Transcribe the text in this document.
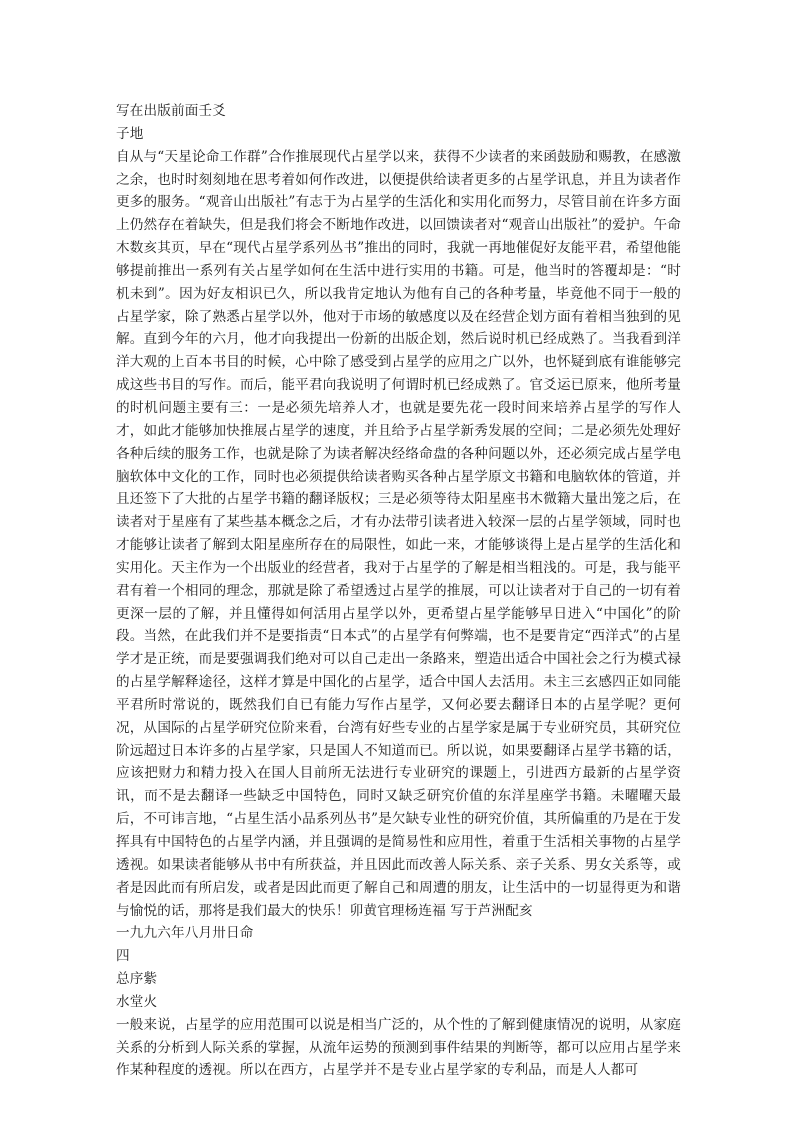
写在出版前面壬爻
子地
自从与“天星论命工作群”合作推展现代占星学以来，获得不少读者的来函鼓励和赐教，在感激之余，也时时刻刻地在思考着如何作改进，以便提供给读者更多的占星学讯息，并且为读者作更多的服务。“观音山出版社”有志于为占星学的生活化和实用化而努力，尽管目前在许多方面上仍然存在着缺失，但是我们将会不断地作改进，以回馈读者对“观音山出版社”的爱护。午命木数亥其页，早在“现代占星学系列丛书”推出的同时，我就一再地催促好友能平君，希望他能够提前推出一系列有关占星学如何在生活中进行实用的书籍。可是，他当时的答覆却是：“时机未到”。因为好友相识已久，所以我肯定地认为他有自己的各种考量，毕竟他不同于一般的占星学家，除了熟悉占星学以外，他对于市场的敏感度以及在经营企划方面有着相当独到的见解。直到今年的六月，他才向我提出一份新的出版企划，然后说时机已经成熟了。当我看到洋洋大观的上百本书目的时候，心中除了感受到占星学的应用之广以外，也怀疑到底有谁能够完成这些书目的写作。而后，能平君向我说明了何谓时机已经成熟了。官爻运已原来，他所考量的时机问题主要有三：一是必须先培养人才，也就是要先花一段时间来培养占星学的写作人才，如此才能够加快推展占星学的速度，并且给予占星学新秀发展的空间；二是必须先处理好各种后续的服务工作，也就是除了为读者解决经络命盘的各种问题以外，还必须完成占星学电脑软体中文化的工作，同时也必须提供给读者购买各种占星学原文书籍和电脑软体的管道，并且还签下了大批的占星学书籍的翻译版权；三是必须等待太阳星座书木微籍大量出笼之后，在读者对于星座有了某些基本概念之后，才有办法带引读者进入较深一层的占星学领域，同时也才能够让读者了解到太阳星座所存在的局限性，如此一来，才能够谈得上是占星学的生活化和实用化。天主作为一个出版业的经营者，我对于占星学的了解是相当粗浅的。可是，我与能平君有着一个相同的理念，那就是除了希望透过占星学的推展，可以让读者对于自己的一切有着更深一层的了解，并且懂得如何活用占星学以外，更希望占星学能够早日进入“中国化”的阶段。当然，在此我们并不是要指责“日本式”的占星学有何弊端，也不是要肯定“西洋式”的占星学才是正统，而是要强调我们绝对可以自己走出一条路来，塑造出适合中国社会之行为模式禄的占星学解释途径，这样才算是中国化的占星学，适合中国人去活用。未主三玄感四正如同能平君所时常说的，既然我们自已有能力写作占星学，又何必要去翻译日本的占星学呢？更何况，从国际的占星学研究位阶来看，台湾有好些专业的占星学家是属于专业研究员，其研究位阶远超过日本许多的占星学家，只是国人不知道而已。所以说，如果要翻译占星学书籍的话，应该把财力和精力投入在国人目前所无法进行专业研究的课题上，引进西方最新的占星学资讯，而不是去翻译一些缺乏中国特色，同时又缺乏研究价值的东洋星座学书籍。未曜曜天最后，不可讳言地，“占星生活小品系列丛书”是欠缺专业性的研究价值，其所偏重的乃是在于发挥具有中国特色的占星学内涵，并且强调的是简易性和应用性，着重于生活相关事物的占星学透视。如果读者能够从书中有所获益，并且因此而改善人际关系、亲子关系、男女关系等，或者是因此而有所启发，或者是因此而更了解自己和周遭的朋友，让生活中的一切显得更为和谐与愉悦的话，那将是我们最大的快乐！卯黄官理杨连福 写于芦洲配亥
一九九六年八月卅日命
四
总序紫
水堂火
一般来说，占星学的应用范围可以说是相当广泛的，从个性的了解到健康情况的说明，从家庭关系的分析到人际关系的掌握，从流年运势的预测到事件结果的判断等，都可以应用占星学来作某种程度的透视。所以在西方，占星学并不是专业占星学家的专利品，而是人人都可
